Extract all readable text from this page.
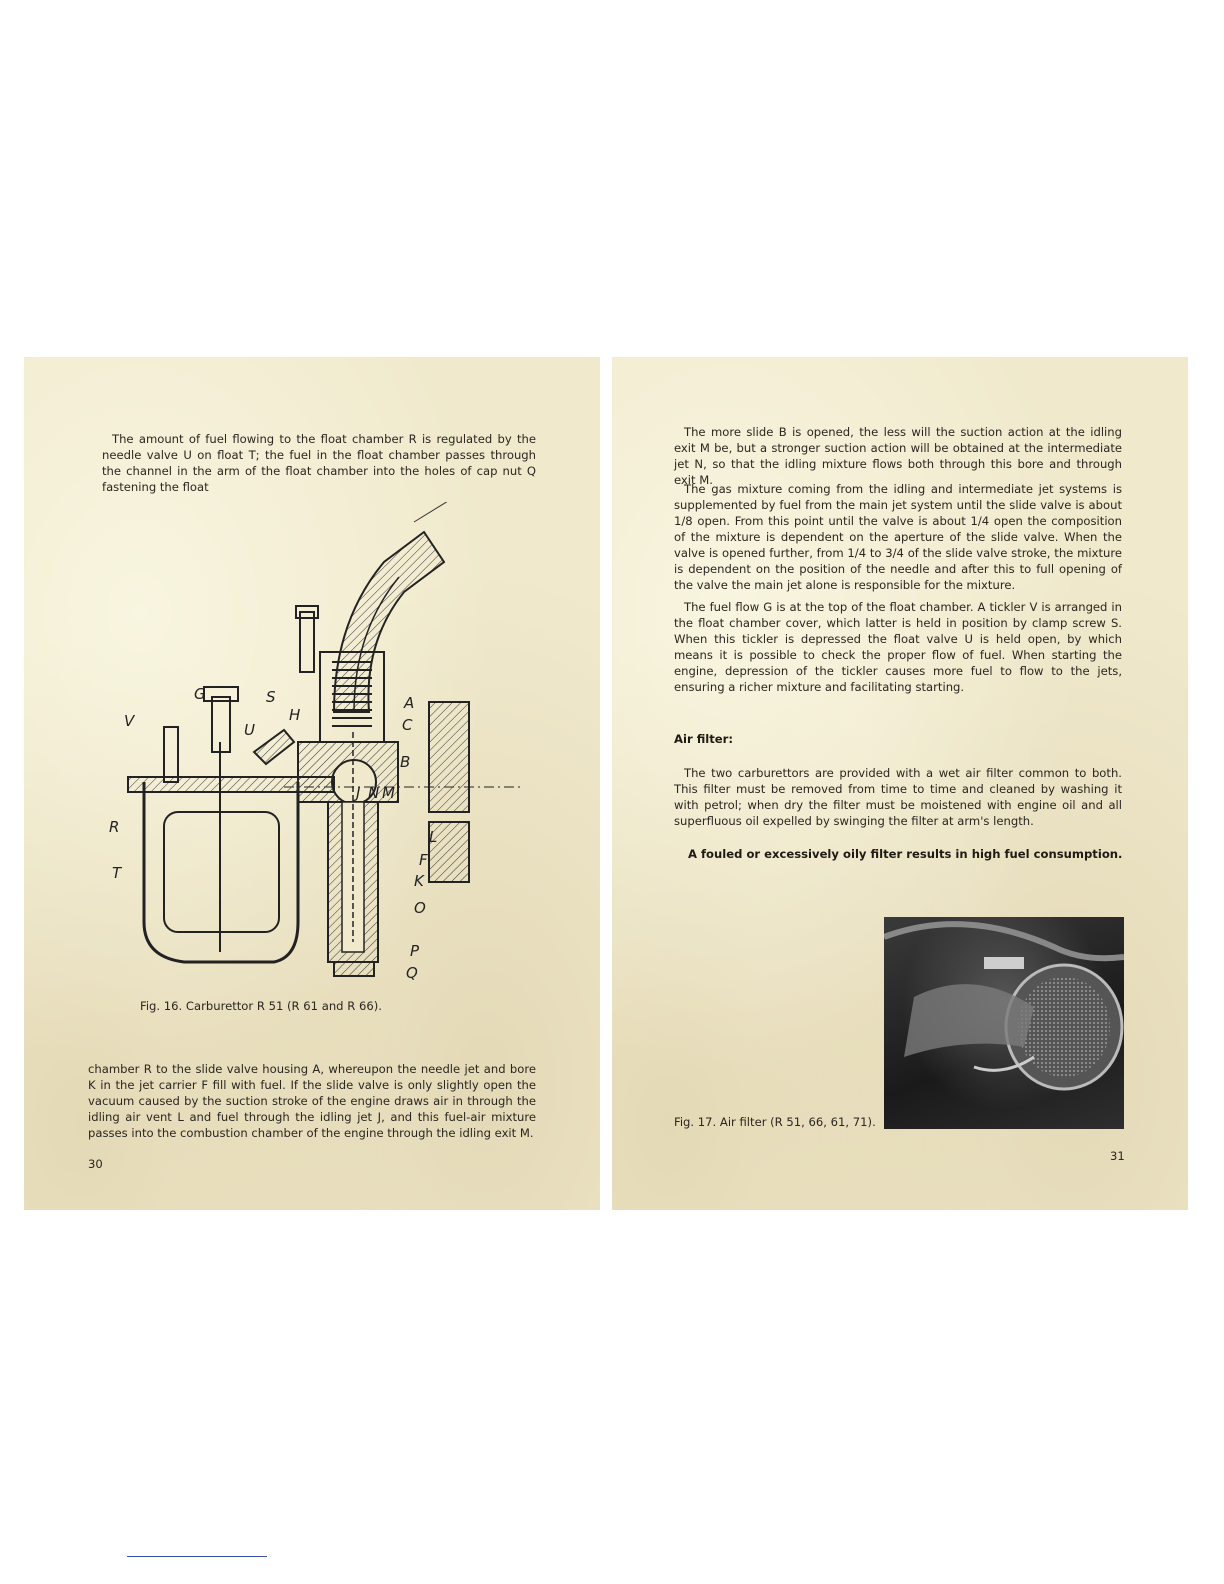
The amount of fuel flowing to the float chamber R is regulated by the needle valve U on float T; the fuel in the float chamber passes through the channel in the arm of the float chamber into the holes of cap nut Q fastening the float

G	S
V	U
H
A
C
B
J N M
R
L
F
K
T
O
P
Q

Fig. 16. Carburettor R 51 (R 61 and R 66).

chamber R to the slide valve housing A, whereupon the needle jet and bore K in the jet carrier F fill with fuel. If the slide valve is only slightly open the vacuum caused by the suction stroke of the engine draws air in through the idling air vent L and fuel through the idling jet J, and this fuel-air mixture passes into the combustion chamber of the engine through the idling exit M.

30

The more slide B is opened, the less will the suction action at the idling exit M be, but a stronger suction action will be obtained at the intermediate jet N, so that the idling mixture flows both through this bore and through exit M.

The gas mixture coming from the idling and intermediate jet systems is supplemented by fuel from the main jet system until the slide valve is about 1/8 open. From this point until the valve is about 1/4 open the composition of the mixture is dependent on the aperture of the slide valve. When the valve is opened further, from 1/4 to 3/4 of the slide valve stroke, the mixture is dependent on the position of the needle and after this to full opening of the valve the main jet alone is responsible for the mixture.

The fuel flow G is at the top of the float chamber. A tickler V is arranged in the float chamber cover, which latter is held in position by clamp screw S. When this tickler is depressed the float valve U is held open, by which means it is possible to check the proper flow of fuel. When starting the engine, depression of the tickler causes more fuel to flow to the jets, ensuring a richer mixture and facilitating starting.

Air filter:

The two carburettors are provided with a wet air filter common to both. This filter must be removed from time to time and cleaned by washing it with petrol; when dry the filter must be moistened with engine oil and all superfluous oil expelled by swinging the filter at arm's length.

A fouled or excessively oily filter results in high fuel consumption.

Fig. 17. Air filter (R 51, 66, 61, 71).

31
